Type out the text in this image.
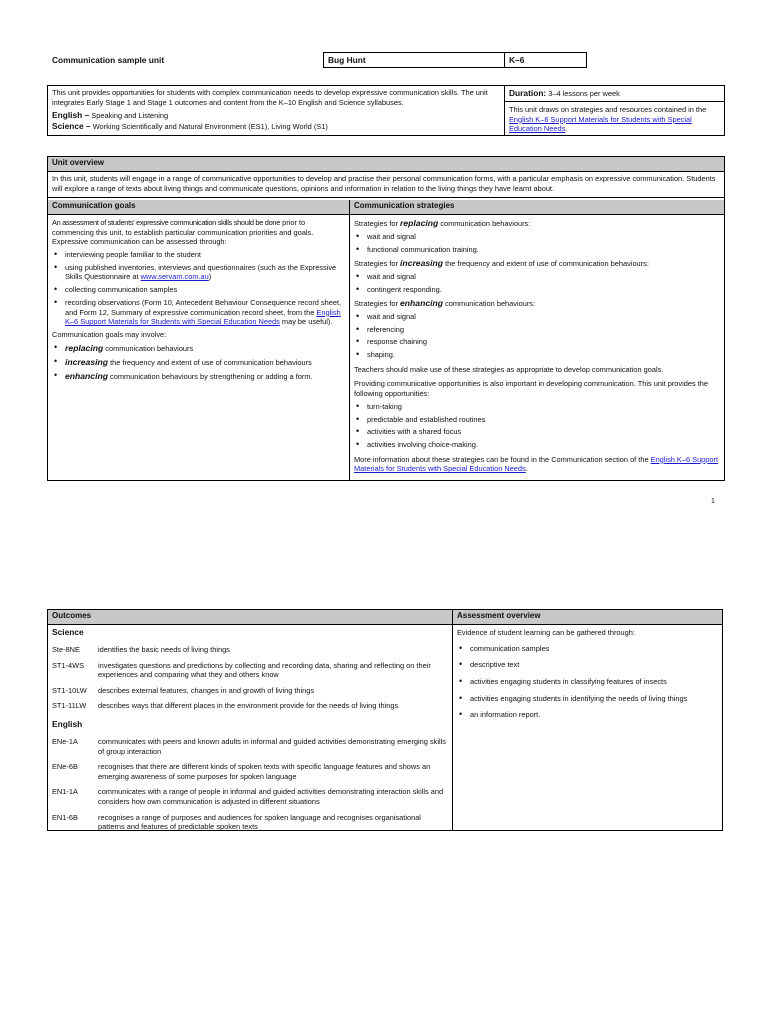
Communication sample unit	Bug Hunt	K–6
This unit provides opportunities for students with complex communication needs to develop expressive communication skills. The unit integrates Early Stage 1 and Stage 1 outcomes and content from the K–10 English and Science syllabuses.
English – Speaking and Listening
Science – Working Scientifically and Natural Environment (ES1), Living World (S1)
Duration: 3–4 lessons per week
This unit draws on strategies and resources contained in the English K–6 Support Materials for Students with Special Education Needs.
Unit overview
In this unit, students will engage in a range of communicative opportunities to develop and practise their personal communication forms, with a particular emphasis on expressive communication. Students will explore a range of texts about living things and communicate questions, opinions and information in relation to the living things they have learnt about.
Communication goals

An assessment of students' expressive communication skills should be done prior to commencing this unit, to establish particular communication priorities and goals. Expressive communication can be assessed through:

• interviewing people familiar to the student
• using published inventories, interviews and questionnaires (such as the Expressive Skills Questionnaire at www.servam.com.au)
• collecting communication samples
• recording observations (Form 10, Antecedent Behaviour Consequence record sheet, and Form 12, Summary of expressive communication record sheet, from the English K–6 Support Materials for Students with Special Education Needs may be useful).

Communication goals may involve:

• replacing communication behaviours
• increasing the frequency and extent of use of communication behaviours
• enhancing communication behaviours by strengthening or adding a form.
Communication strategies

Strategies for replacing communication behaviours:

• wait and signal
• functional communication training.

Strategies for increasing the frequency and extent of use of communication behaviours:

• wait and signal
• contingent responding.

Strategies for enhancing communication behaviours:

• wait and signal
• referencing
• response chaining
• shaping.

Teachers should make use of these strategies as appropriate to develop communication goals.

Providing communicative opportunities is also important in developing communication. This unit provides the following opportunities:

• turn-taking
• predictable and established routines
• activities with a shared focus
• activities involving choice-making.

More information about these strategies can be found in the Communication section of the English K–6 Support Materials for Students with Special Education Needs.

1
Outcomes
Science
Ste-8NE	identifies the basic needs of living things
ST1-4WS	investigates questions and predictions by collecting and recording data, sharing and reflecting on their experiences and comparing what they and others know
ST1-10LW	describes external features, changes in and growth of living things
ST1-11LW	describes ways that different places in the environment provide for the needs of living things
English
ENe-1A	communicates with peers and known adults in informal and guided activities demonstrating emerging skills of group interaction
ENe-6B	recognises that there are different kinds of spoken texts with specific language features and shows an emerging awareness of some purposes for spoken language
EN1-1A	communicates with a range of people in informal and guided activities demonstrating interaction skills and considers how own communication is adjusted in different situations
EN1-6B	recognises a range of purposes and audiences for spoken language and recognises organisational patterns and features of predictable spoken texts
Assessment overview

Evidence of student learning can be gathered through:

• communication samples
• descriptive text
• activities engaging students in classifying features of insects
• activities engaging students in identifying the needs of living things
• an information report.
